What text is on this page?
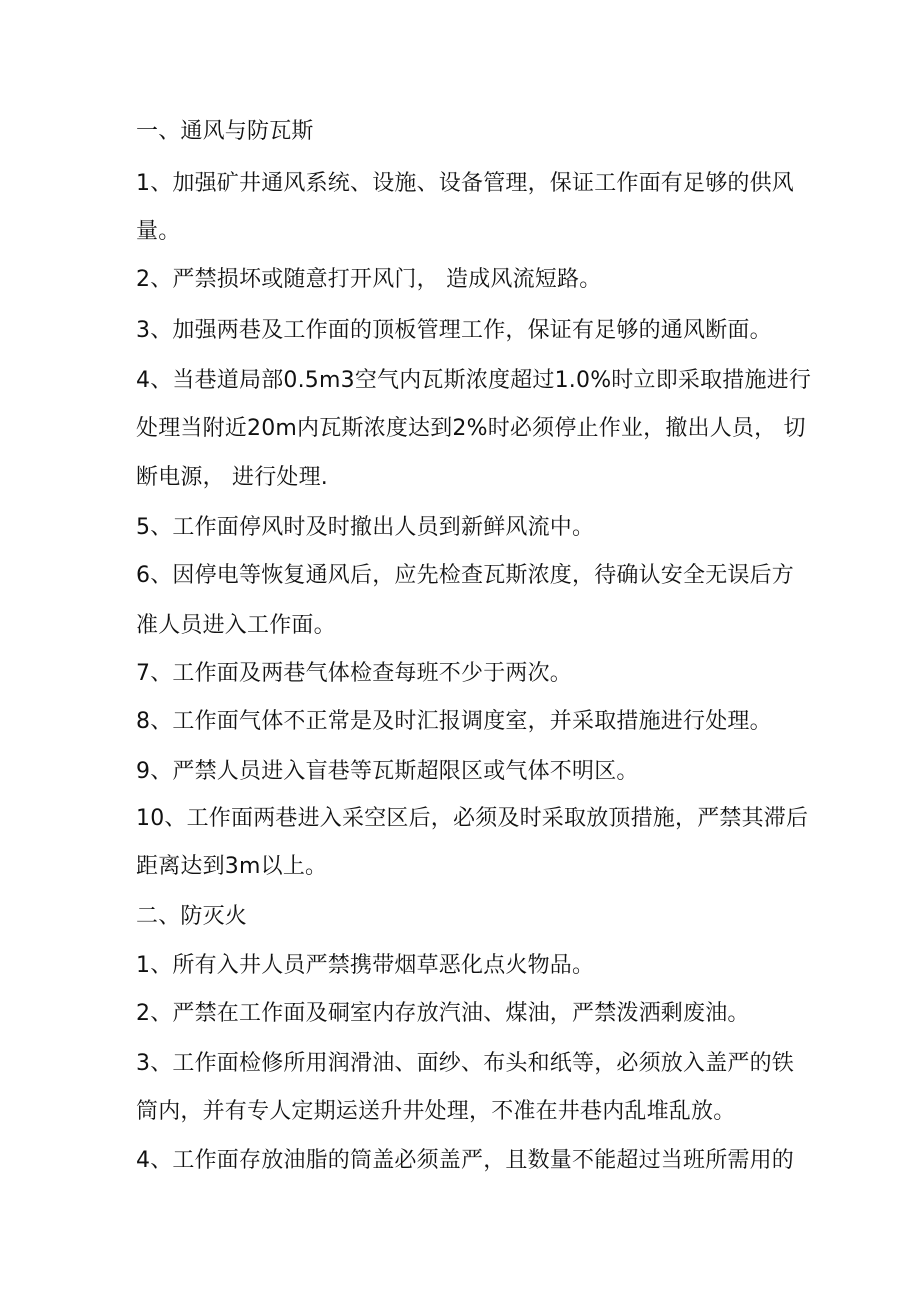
一、通风与防瓦斯
1、加强矿井通风系统、设施、设备管理，保证工作面有足够的供风
量。
2、严禁损坏或随意打开风门， 造成风流短路。
3、加强两巷及工作面的顶板管理工作，保证有足够的通风断面。
4、当巷道局部0.5m3空气内瓦斯浓度超过1.0%时立即采取措施进行
处理当附近20m内瓦斯浓度达到2%时必须停止作业，撤出人员， 切
断电源， 进行处理.
5、工作面停风时及时撤出人员到新鲜风流中。
6、因停电等恢复通风后，应先检查瓦斯浓度，待确认安全无误后方
准人员进入工作面。
7、工作面及两巷气体检查每班不少于两次。
8、工作面气体不正常是及时汇报调度室，并采取措施进行处理。
9、严禁人员进入盲巷等瓦斯超限区或气体不明区。
10、工作面两巷进入采空区后，必须及时采取放顶措施，严禁其滞后
距离达到3m以上。
二、防灭火
1、所有入井人员严禁携带烟草恶化点火物品。
2、严禁在工作面及硐室内存放汽油、煤油，严禁泼洒剩废油。
3、工作面检修所用润滑油、面纱、布头和纸等，必须放入盖严的铁
筒内，并有专人定期运送升井处理，不准在井巷内乱堆乱放。
4、工作面存放油脂的筒盖必须盖严，且数量不能超过当班所需用的
